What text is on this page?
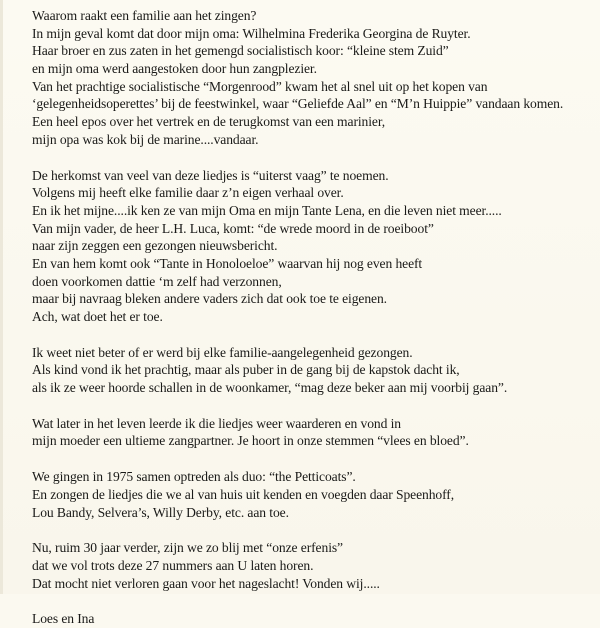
Waarom raakt een familie aan het zingen?
In mijn geval komt dat door mijn oma: Wilhelmina Frederika Georgina de Ruyter.
Haar broer en zus zaten in het gemengd socialistisch koor: “kleine stem Zuid”
en mijn oma werd aangestoken door hun zangplezier.
Van het prachtige socialistische “Morgenrood” kwam het al snel uit op het kopen van
‘gelegenheidsoperettes’ bij de feestwinkel, waar “Geliefde Aal” en “M’n Huippie” vandaan komen.
Een heel epos over het vertrek en de terugkomst van een marinier,
mijn opa was kok bij de marine....vandaar.
De herkomst van veel van deze liedjes is “uiterst vaag” te noemen.
Volgens mij heeft elke familie daar z’n eigen verhaal over.
En ik het mijne....ik ken ze van mijn Oma en mijn Tante Lena, en die leven niet meer.....
Van mijn vader, de heer L.H. Luca, komt: “de wrede moord in de roeiboot”
naar zijn zeggen een gezongen nieuwsbericht.
En van hem komt ook “Tante in Honoloeloe” waarvan hij nog even heeft
doen voorkomen dattie ‘m zelf had verzonnen,
maar bij navraag bleken andere vaders zich dat ook toe te eigenen.
Ach, wat doet het er toe.
Ik weet niet beter of er werd bij elke familie-aangelegenheid gezongen.
Als kind vond ik het prachtig, maar als puber in de gang bij de kapstok dacht ik,
als ik ze weer hoorde schallen in de woonkamer, “mag deze beker aan mij voorbij gaan”.
Wat later in het leven leerde ik die liedjes weer waarderen en vond in
mijn moeder een ultieme zangpartner. Je hoort in onze stemmen “vlees en bloed”.
We gingen in 1975 samen optreden als duo: “the Petticoats”.
En zongen de liedjes die we al van huis uit kenden en voegden daar Speenhoff,
Lou Bandy, Selvera’s, Willy Derby, etc. aan toe.
Nu, ruim 30 jaar verder, zijn we zo blij met “onze erfenis”
dat we vol trots deze 27 nummers aan U laten horen.
Dat mocht niet verloren gaan voor het nageslacht! Vonden wij.....
Loes en Ina
